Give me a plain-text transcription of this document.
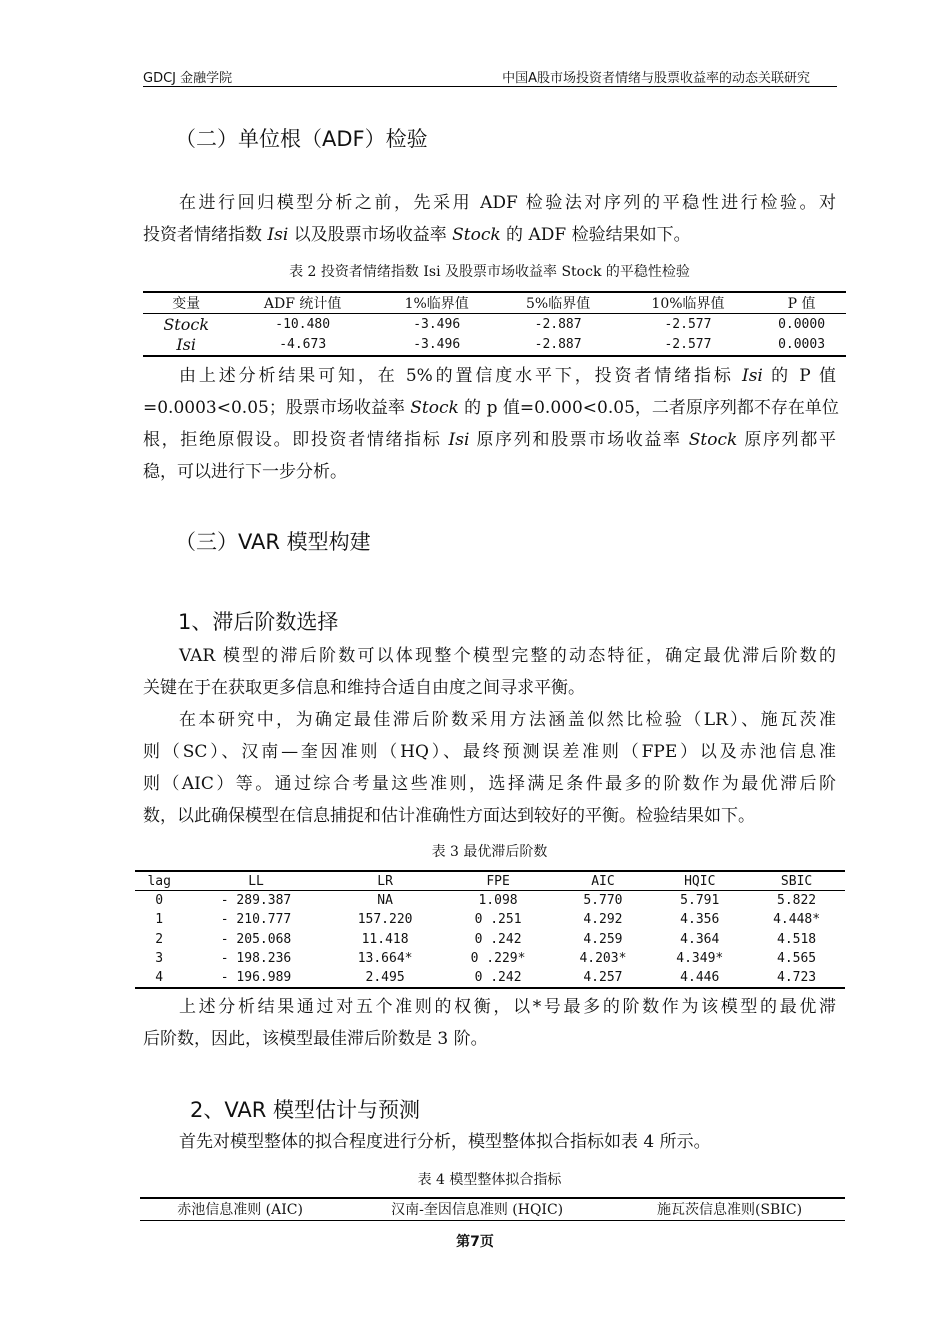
GDCJ 金融学院	中国A股市场投资者情绪与股票收益率的动态关联研究
（二）单位根（ADF）检验
在进行回归模型分析之前，先采用 ADF 检验法对序列的平稳性进行检验。对
投资者情绪指数 Isi 以及股票市场收益率 Stock 的 ADF 检验结果如下。
表 2 投资者情绪指数 Isi 及股票市场收益率 Stock 的平稳性检验
变量	ADF 统计值	1%临界值	5%临界值	10%临界值	P 值
Stock	-10.480	-3.496	-2.887	-2.577	0.0000
Isi	-4.673	-3.496	-2.887	-2.577	0.0003
由上述分析结果可知，在 5%的置信度水平下，投资者情绪指标 Isi 的 P 值
=0.0003<0.05；股票市场收益率 Stock 的 p 值=0.000<0.05，二者原序列都不存在单位
根，拒绝原假设。即投资者情绪指标 Isi 原序列和股票市场收益率 Stock 原序列都平
稳，可以进行下一步分析。
（三）VAR 模型构建
1、滞后阶数选择
VAR 模型的滞后阶数可以体现整个模型完整的动态特征，确定最优滞后阶数的
关键在于在获取更多信息和维持合适自由度之间寻求平衡。
在本研究中，为确定最佳滞后阶数采用方法涵盖似然比检验（LR）、施瓦茨准
则（SC）、汉南—奎因准则（HQ）、最终预测误差准则（FPE）以及赤池信息准
则（AIC）等。通过综合考量这些准则，选择满足条件最多的阶数作为最优滞后阶
数，以此确保模型在信息捕捉和估计准确性方面达到较好的平衡。检验结果如下。
表 3 最优滞后阶数
lag	LL	LR	FPE	AIC	HQIC	SBIC
0	- 289.387	NA	1.098	5.770	5.791	5.822
1	- 210.777	157.220	0 .251	4.292	4.356	4.448*
2	- 205.068	11.418	0 .242	4.259	4.364	4.518
3	- 198.236	13.664*	0 .229*	4.203*	4.349*	4.565
4	- 196.989	2.495	0 .242	4.257	4.446	4.723
上述分析结果通过对五个准则的权衡，以*号最多的阶数作为该模型的最优滞
后阶数，因此，该模型最佳滞后阶数是 3 阶。
2、VAR 模型估计与预测
首先对模型整体的拟合程度进行分析，模型整体拟合指标如表 4 所示。
表 4 模型整体拟合指标
赤池信息准则 (AIC)	汉南-奎因信息准则 (HQIC)	施瓦茨信息准则(SBIC)
第7页
